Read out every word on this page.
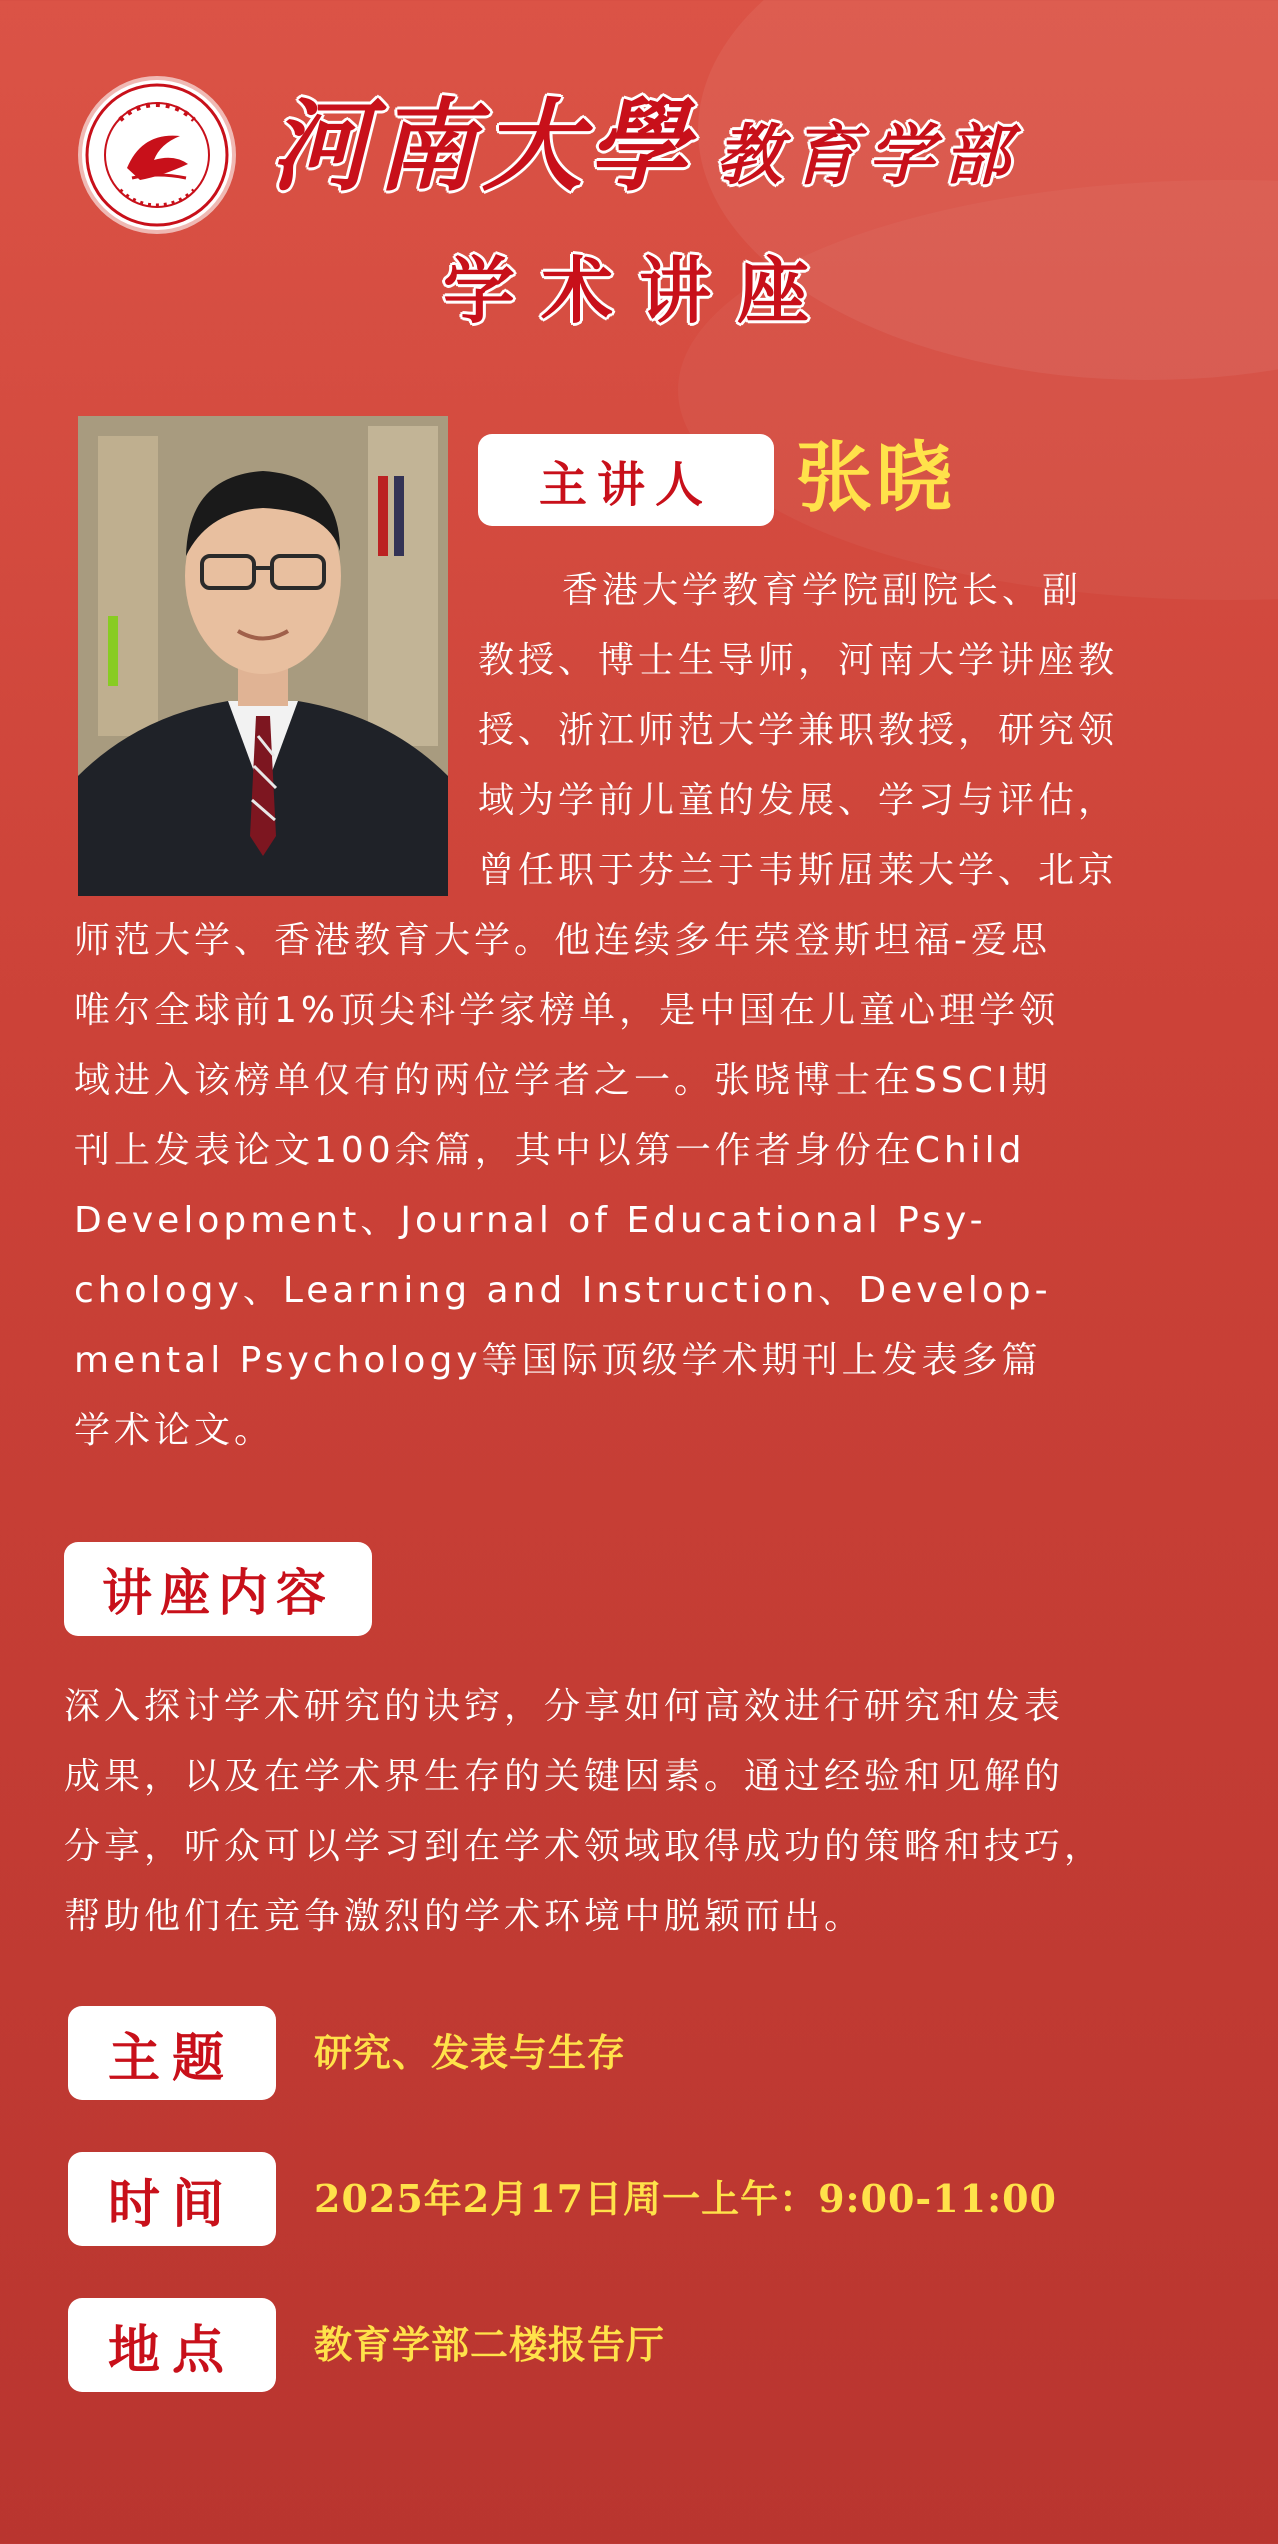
河南大學 教育学部
学术讲座
主讲人	张晓

香港大学教育学院副院长、副

教授、博士生导师，河南大学讲座教

授、浙江师范大学兼职教授，研究领

域为学前儿童的发展、学习与评估，

曾任职于芬兰于韦斯屈莱大学、北京

师范大学、香港教育大学。他连续多年荣登斯坦福-爱思

唯尔全球前1%顶尖科学家榜单，是中国在儿童心理学领

域进入该榜单仅有的两位学者之一。张晓博士在SSCI期

刊上发表论文100余篇，其中以第一作者身份在Child

Development、Journal of Educational Psy-

chology、Learning and Instruction、Develop-

mental Psychology等国际顶级学术期刊上发表多篇

学术论文。

讲座内容
深入探讨学术研究的诀窍，分享如何高效进行研究和发表
成果，以及在学术界生存的关键因素。通过经验和见解的
分享，听众可以学习到在学术领域取得成功的策略和技巧，
帮助他们在竞争激烈的学术环境中脱颖而出。
主题	研究、发表与生存
时间	2025年2月17日周一上午：9:00-11:00
地点	教育学部二楼报告厅
